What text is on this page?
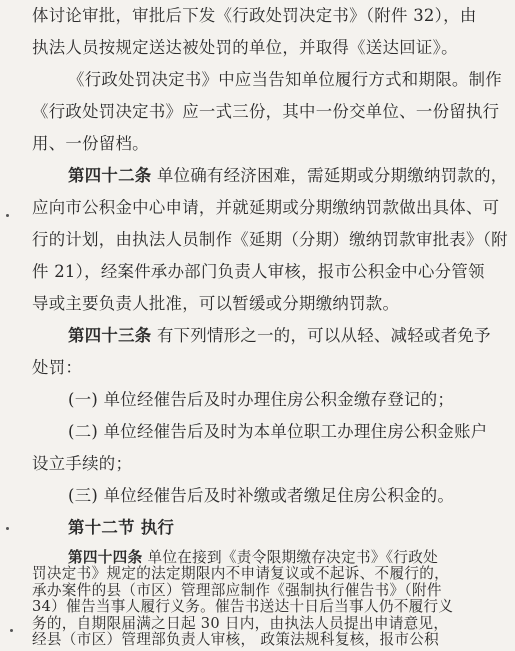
体讨论审批，审批后下发《行政处罚决定书》（附件 32），由
执法人员按规定送达被处罚的单位，并取得《送达回证》。
《行政处罚决定书》中应当告知单位履行方式和期限。制作
《行政处罚决定书》应一式三份，其中一份交单位、一份留执行
用、一份留档。
第四十二条 单位确有经济困难，需延期或分期缴纳罚款的，
应向市公积金中心申请，并就延期或分期缴纳罚款做出具体、可
行的计划，由执法人员制作《延期（分期）缴纳罚款审批表》（附
件 21），经案件承办部门负责人审核，报市公积金中心分管领
导或主要负责人批准，可以暂缓或分期缴纳罚款。
第四十三条 有下列情形之一的，可以从轻、减轻或者免予
处罚：
(一) 单位经催告后及时办理住房公积金缴存登记的；
(二) 单位经催告后及时为本单位职工办理住房公积金账户
设立手续的；
(三) 单位经催告后及时补缴或者缴足住房公积金的。
第十二节 执行
第四十四条 单位在接到《责令限期缴存决定书》《行政处
罚决定书》规定的法定期限内不申请复议或不起诉、不履行的，
承办案件的县（市区）管理部应制作《强制执行催告书》（附件
34）催告当事人履行义务。催告书送达十日后当事人仍不履行义
务的，自期限届满之日起 30 日内，由执法人员提出申请意见，
经县（市区）管理部负责人审核， 政策法规科复核，报市公积
